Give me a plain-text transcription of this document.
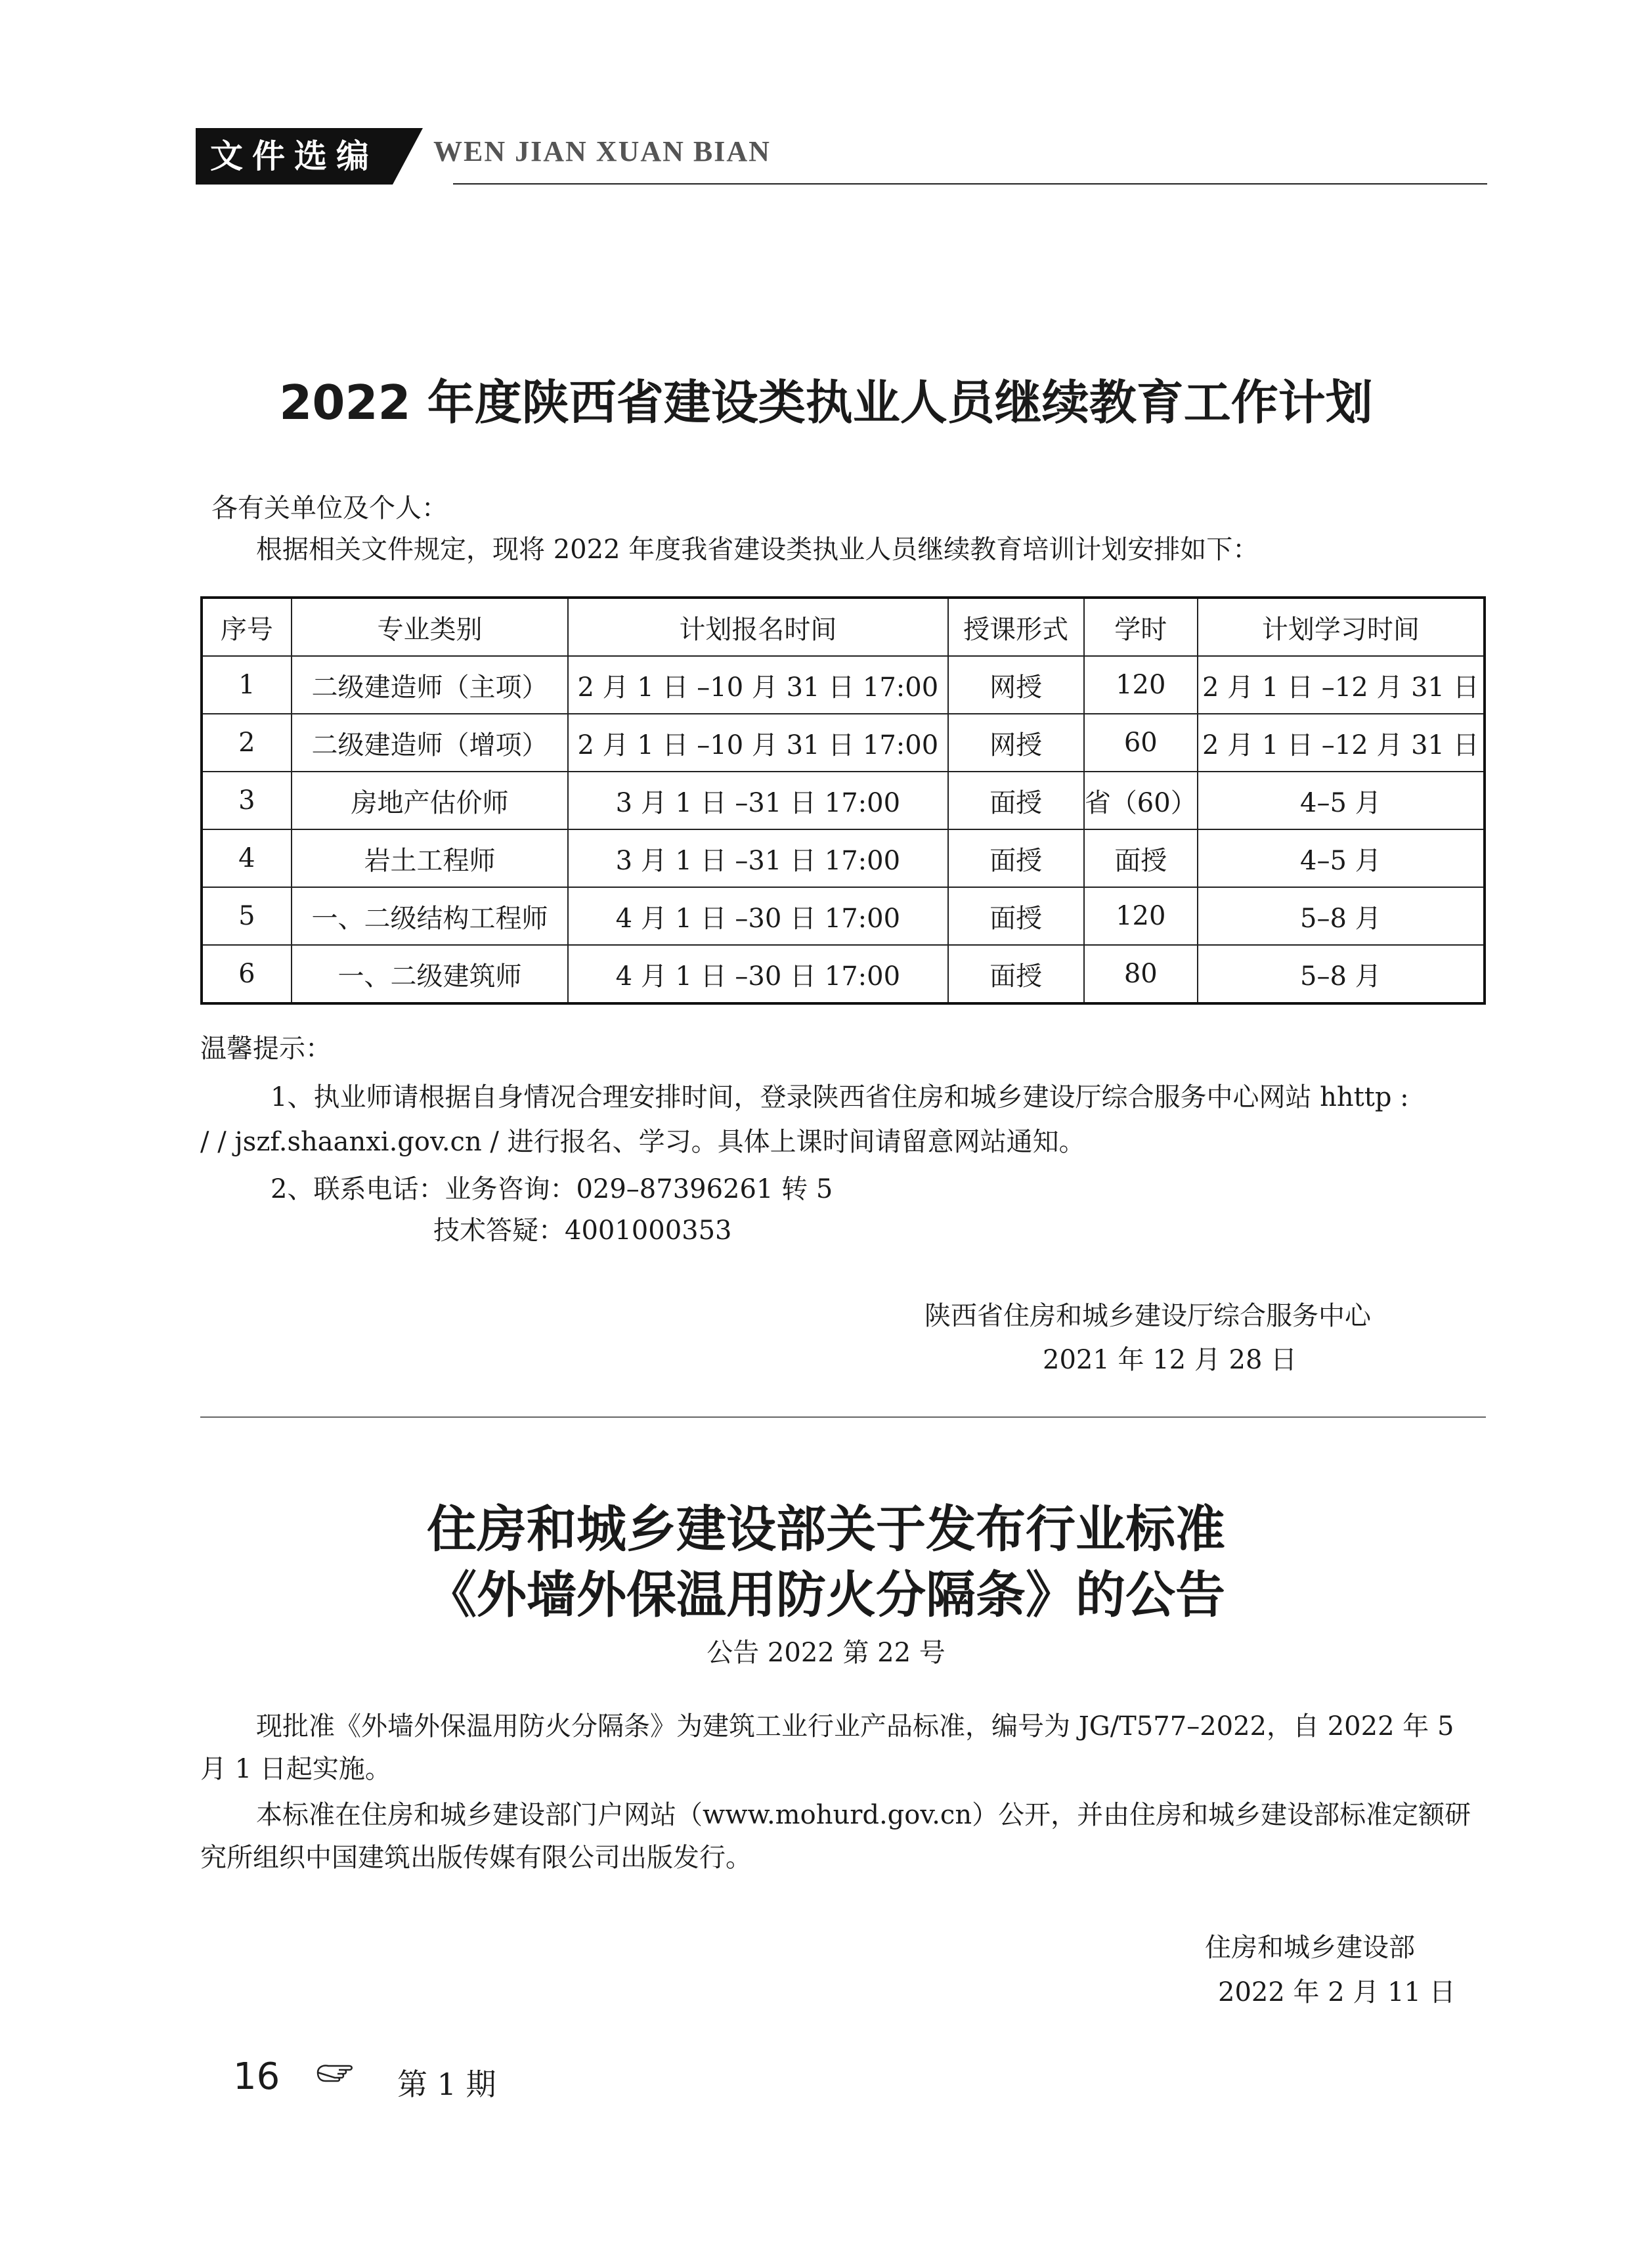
文件选编	WEN JIAN XUAN BIAN
2022 年度陕西省建设类执业人员继续教育工作计划
各有关单位及个人：
根据相关文件规定，现将 2022 年度我省建设类执业人员继续教育培训计划安排如下：
序号	专业类别	计划报名时间	授课形式	学时	计划学习时间
1	二级建造师（主项）	2 月 1 日 –10 月 31 日 17:00	网授	120	2 月 1 日 –12 月 31 日
2	二级建造师（增项）	2 月 1 日 –10 月 31 日 17:00	网授	60	2 月 1 日 –12 月 31 日
3	房地产估价师	3 月 1 日 –31 日 17:00	面授	省（60）	4–5 月
4	岩土工程师	3 月 1 日 –31 日 17:00	面授	面授	4–5 月
5	一、二级结构工程师	4 月 1 日 –30 日 17:00	面授	120	5–8 月
6	一、二级建筑师	4 月 1 日 –30 日 17:00	面授	80	5–8 月
温馨提示：
1、执业师请根据自身情况合理安排时间，登录陕西省住房和城乡建设厅综合服务中心网站 hhttp :
/ / jszf.shaanxi.gov.cn / 进行报名、学习。具体上课时间请留意网站通知。
2、联系电话：业务咨询：029–87396261 转 5
技术答疑：4001000353
陕西省住房和城乡建设厅综合服务中心
2021 年 12 月 28 日
住房和城乡建设部关于发布行业标准
《外墙外保温用防火分隔条》的公告
公告 2022 第 22 号
现批准《外墙外保温用防火分隔条》为建筑工业行业产品标准，编号为 JG/T577–2022，自 2022 年 5
月 1 日起实施。
本标准在住房和城乡建设部门户网站（www.mohurd.gov.cn）公开，并由住房和城乡建设部标准定额研
究所组织中国建筑出版传媒有限公司出版发行。
住房和城乡建设部
2022 年 2 月 11 日
16	第 1 期
